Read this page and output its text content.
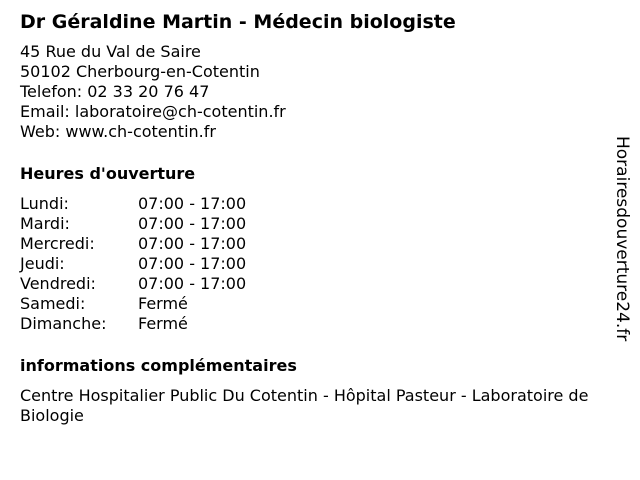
Dr Géraldine Martin - Médecin biologiste
45 Rue du Val de Saire
50102 Cherbourg-en-Cotentin
Telefon: 02 33 20 76 47
Email: laboratoire@ch-cotentin.fr
Web: www.ch-cotentin.fr
Heures d'ouverture
Lundi:	07:00 - 17:00
Mardi:	07:00 - 17:00
Mercredi:	07:00 - 17:00
Jeudi:	07:00 - 17:00
Vendredi:	07:00 - 17:00
Samedi:	Fermé
Dimanche:	Fermé
informations complémentaires
Centre Hospitalier Public Du Cotentin - Hôpital Pasteur - Laboratoire de Biologie
Horairesdouverture24.fr
